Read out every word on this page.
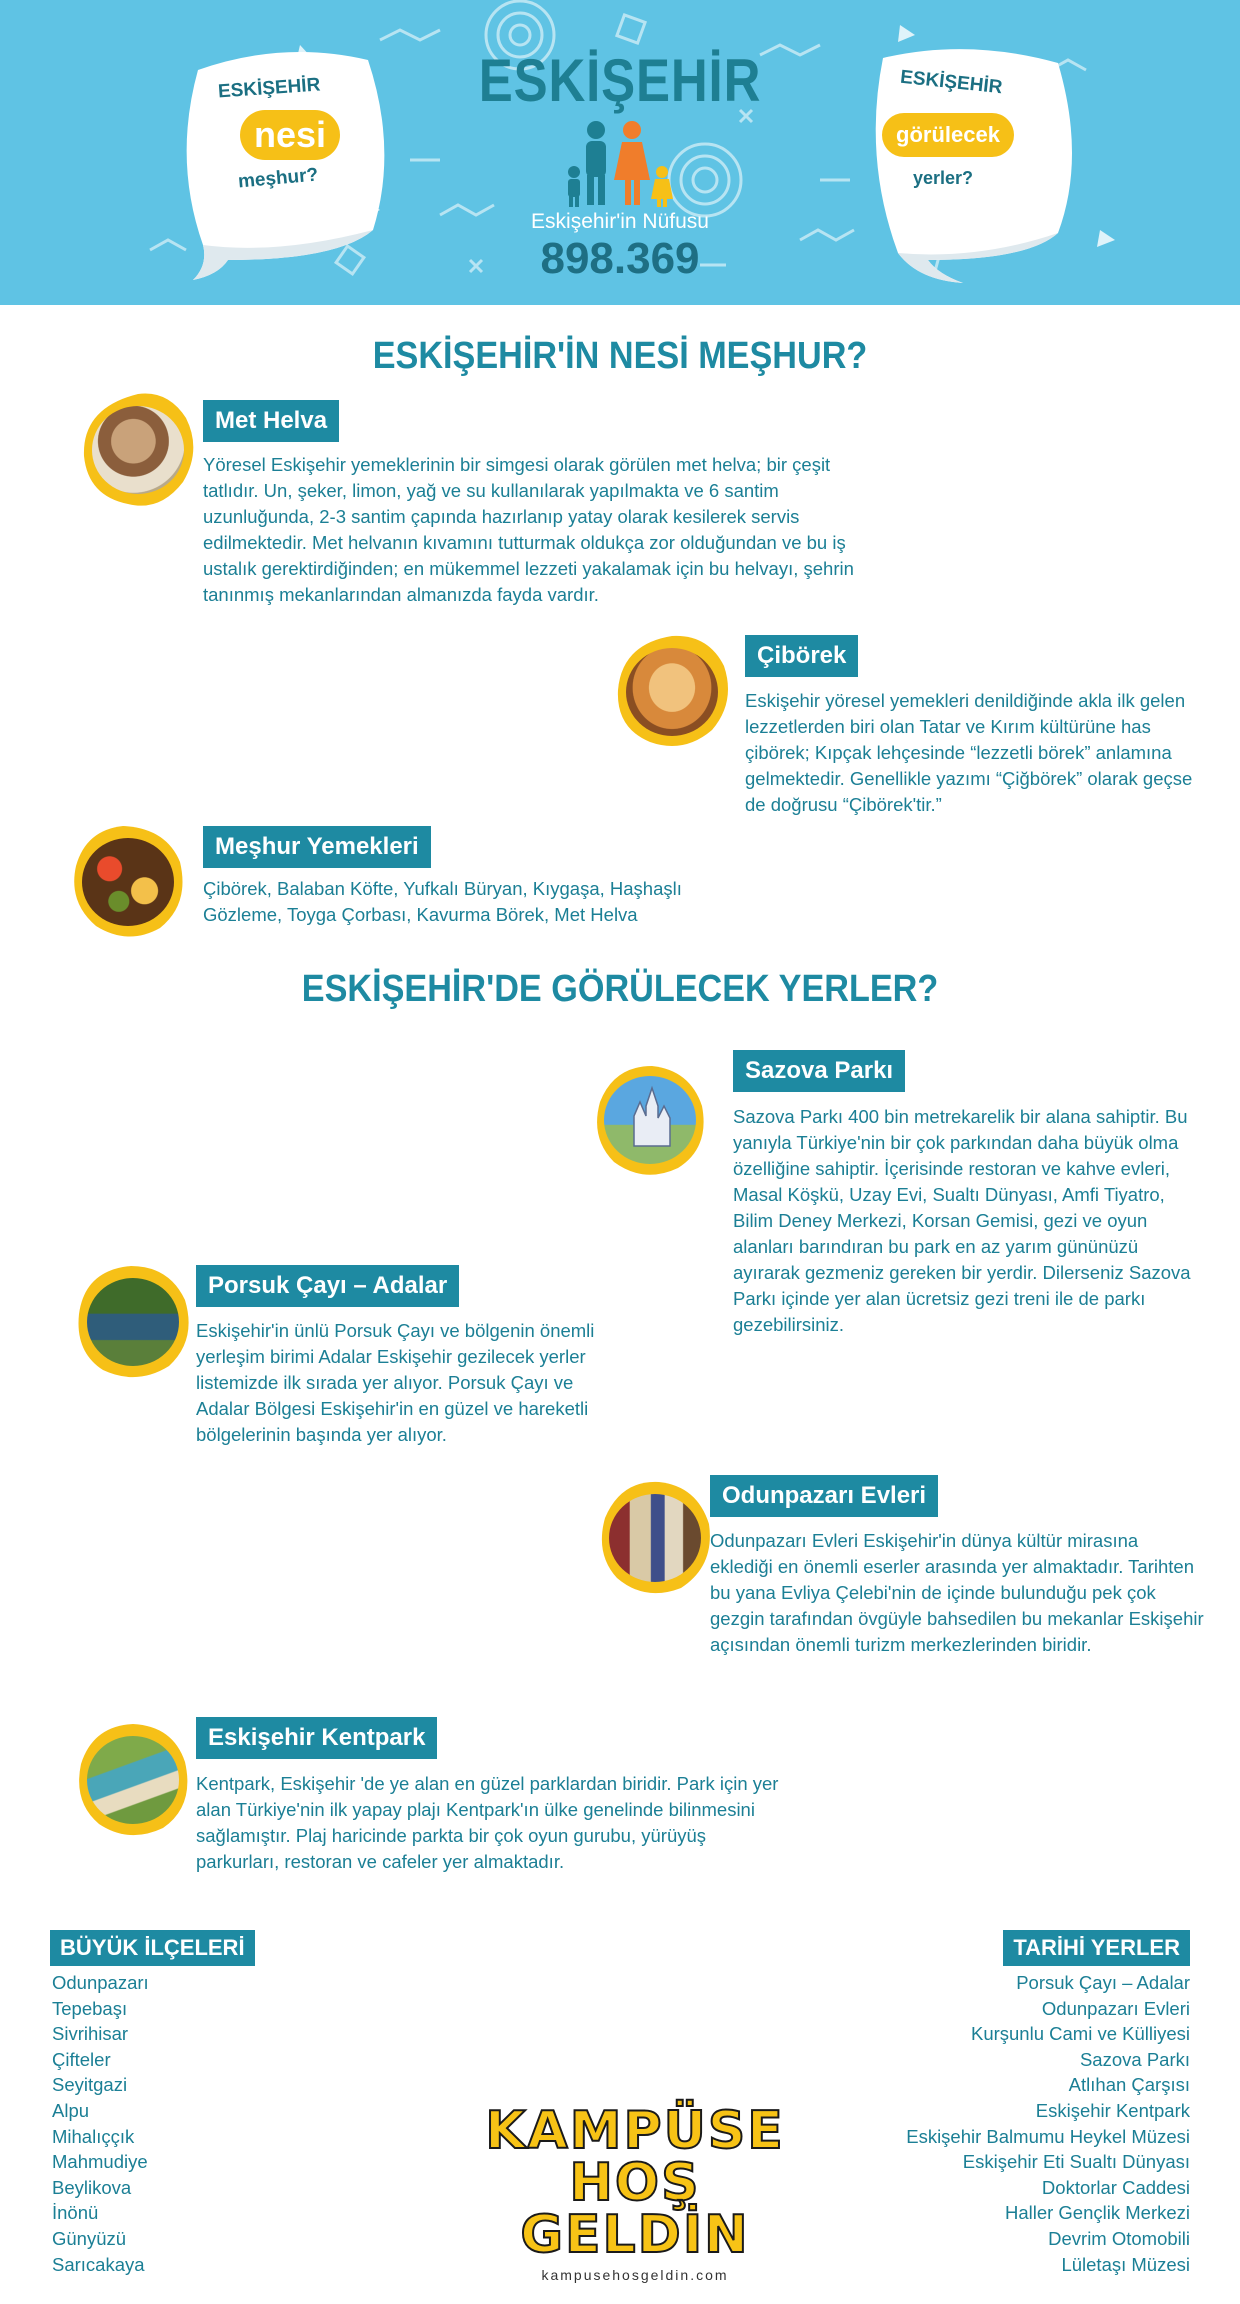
ESKİŞEHİR
nesi
meşhur?
ESKİŞEHİR
görülecek
yerler?
ESKİŞEHİR
Eskişehir'in Nüfusu
898.369
ESKİŞEHİR'İN NESİ MEŞHUR?
Met Helva
Yöresel Eskişehir yemeklerinin bir simgesi olarak görülen met helva; bir çeşit tatlıdır. Un, şeker, limon, yağ ve su kullanılarak yapılmakta ve 6 santim uzunluğunda, 2-3 santim çapında hazırlanıp yatay olarak kesilerek servis edilmektedir. Met helvanın kıvamını tutturmak oldukça zor olduğundan ve bu iş ustalık gerektirdiğinden; en mükemmel lezzeti yakalamak için bu helvayı, şehrin tanınmış mekanlarından almanızda fayda vardır.
Çibörek
Eskişehir yöresel yemekleri denildiğinde akla ilk gelen lezzetlerden biri olan Tatar ve Kırım kültürüne has çibörek; Kıpçak lehçesinde “lezzetli börek” anlamına gelmektedir. Genellikle yazımı “Çiğbörek” olarak geçse de doğrusu “Çibörek'tir.”
Meşhur Yemekleri
Çibörek, Balaban Köfte, Yufkalı Büryan, Kıygaşa, Haşhaşlı Gözleme, Toyga Çorbası, Kavurma Börek, Met Helva
ESKİŞEHİR'DE GÖRÜLECEK YERLER?
Sazova Parkı
Sazova Parkı 400 bin metrekarelik bir alana sahiptir. Bu yanıyla Türkiye'nin bir çok parkından daha büyük olma özelliğine sahiptir. İçerisinde restoran ve kahve evleri, Masal Köşkü, Uzay Evi, Sualtı Dünyası, Amfi Tiyatro, Bilim Deney Merkezi, Korsan Gemisi, gezi ve oyun alanları barındıran bu park en az yarım gününüzü ayırarak gezmeniz gereken bir yerdir. Dilerseniz Sazova Parkı içinde yer alan ücretsiz gezi treni ile de parkı gezebilirsiniz.
Porsuk Çayı – Adalar
Eskişehir'in ünlü Porsuk Çayı ve bölgenin önemli yerleşim birimi Adalar Eskişehir gezilecek yerler listemizde ilk sırada yer alıyor. Porsuk Çayı ve Adalar Bölgesi Eskişehir'in en güzel ve hareketli bölgelerinin başında yer alıyor.
Odunpazarı Evleri
Odunpazarı Evleri Eskişehir'in dünya kültür mirasına eklediği en önemli eserler arasında yer almaktadır. Tarihten bu yana Evliya Çelebi'nin de içinde bulunduğu pek çok gezgin tarafından övgüyle bahsedilen bu mekanlar Eskişehir açısından önemli turizm merkezlerinden biridir.
Eskişehir Kentpark
Kentpark, Eskişehir 'de ye alan en güzel parklardan biridir. Park için yer alan Türkiye'nin ilk yapay plajı Kentpark'ın ülke genelinde bilinmesini sağlamıştır. Plaj haricinde parkta bir çok oyun gurubu, yürüyüş parkurları, restoran ve cafeler yer almaktadır.
BÜYÜK İLÇELERİ
Odunpazarı
Tepebaşı
Sivrihisar
Çifteler
Seyitgazi
Alpu
Mihalıççık
Mahmudiye
Beylikova
İnönü
Günyüzü
Sarıcakaya
TARİHİ YERLER
Porsuk Çayı – Adalar
Odunpazarı Evleri
Kurşunlu Cami ve Külliyesi
Sazova Parkı
Atlıhan Çarşısı
Eskişehir Kentpark
Eskişehir Balmumu Heykel Müzesi
Eskişehir Eti Sualtı Dünyası
Doktorlar Caddesi
Haller Gençlik Merkezi
Devrim Otomobili
Lületaşı Müzesi
KAMPÜSE
HOŞ GELDİN
kampusehosgeldin.com
